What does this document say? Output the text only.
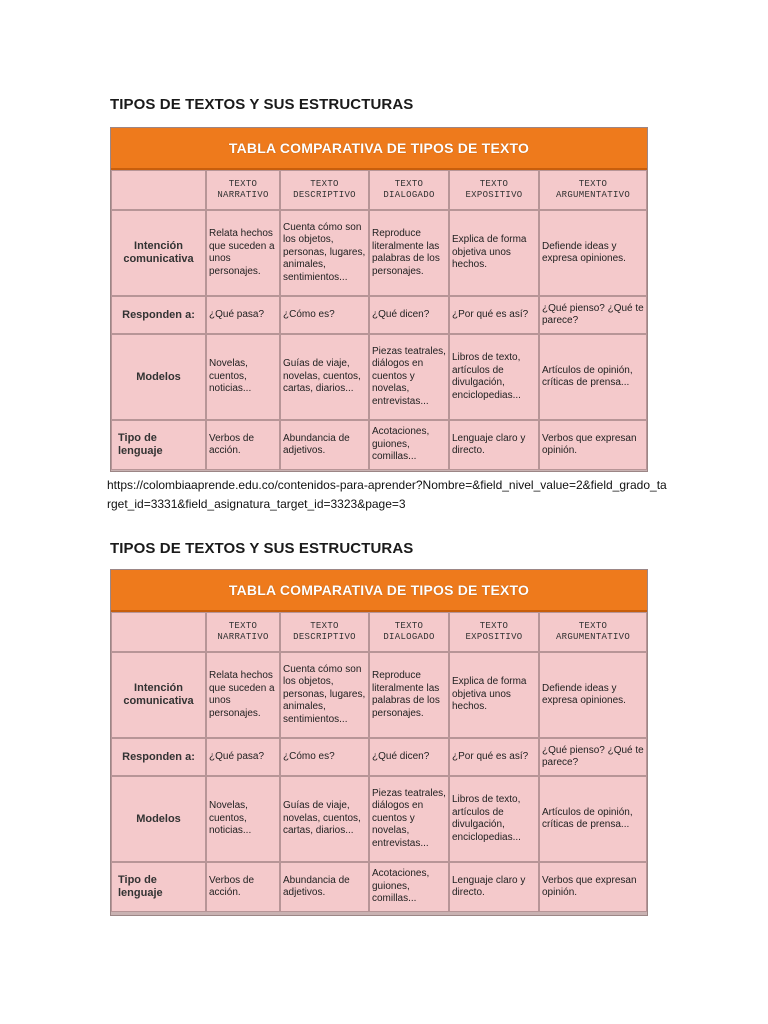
TIPOS DE TEXTOS Y SUS ESTRUCTURAS
TABLA COMPARATIVA DE TIPOS DE TEXTO
TEXTO NARRATIVO
TEXTO DESCRIPTIVO
TEXTO DIALOGADO
TEXTO EXPOSITIVO
TEXTO ARGUMENTATIVO
Intención comunicativa
Relata hechos que suceden a unos personajes.
Cuenta cómo son los objetos, personas, lugares, animales, sentimientos...
Reproduce literalmente las palabras de los personajes.
Explica de forma objetiva unos hechos.
Defiende ideas y expresa opiniones.
Responden a: ¿Qué pasa? ¿Cómo es?	¿Qué dicen? ¿Por qué es así?
¿Qué pienso? ¿Qué te parece?
Modelos
Novelas, cuentos, noticias...
Guías de viaje, novelas, cuentos, cartas, diarios...
Piezas teatrales, diálogos en cuentos y novelas, entrevistas...
Libros de texto, artículos de divulgación, enciclopedias...
Artículos de opinión, críticas de prensa...
Tipo de lenguaje
Verbos de acción.
Abundancia de adjetivos.
Acotaciones, guiones, comillas...
Lenguaje claro y directo.
Verbos que expresan opinión.
https://colombiaaprende.edu.co/contenidos-para-aprender?Nombre=&field_nivel_value=2&field_grado_target_id=3331&field_asignatura_target_id=3323&page=3
TIPOS DE TEXTOS Y SUS ESTRUCTURAS
TABLA COMPARATIVA DE TIPOS DE TEXTO
TEXTO NARRATIVO
TEXTO DESCRIPTIVO
TEXTO DIALOGADO
TEXTO EXPOSITIVO
TEXTO ARGUMENTATIVO
Intención comunicativa
Relata hechos que suceden a unos personajes.
Cuenta cómo son los objetos, personas, lugares, animales, sentimientos...
Reproduce literalmente las palabras de los personajes.
Explica de forma objetiva unos hechos.
Defiende ideas y expresa opiniones.
Responden a: ¿Qué pasa? ¿Cómo es?	¿Qué dicen? ¿Por qué es así?
¿Qué pienso? ¿Qué te parece?
Modelos
Novelas, cuentos, noticias...
Guías de viaje, novelas, cuentos, cartas, diarios...
Piezas teatrales, diálogos en cuentos y novelas, entrevistas...
Libros de texto, artículos de divulgación, enciclopedias...
Artículos de opinión, críticas de prensa...
Tipo de lenguaje
Verbos de acción.
Abundancia de adjetivos.
Acotaciones, guiones, comillas...
Lenguaje claro y directo.
Verbos que expresan opinión.
